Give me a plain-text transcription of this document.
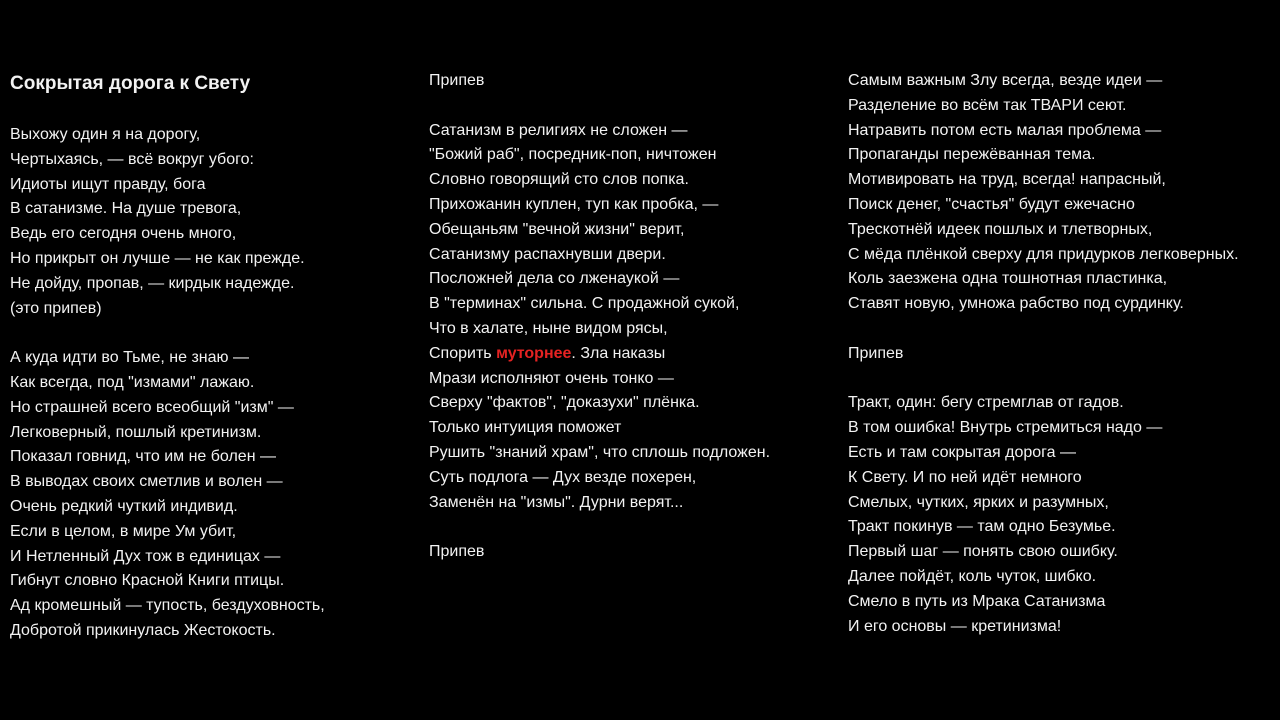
Сокрытая дорога к Свету
Выхожу один я на дорогу,
Чертыхаясь, — всё вокруг убого:
Идиоты ищут правду, бога
В сатанизме. На душе тревога,
Ведь его сегодня очень много,
Но прикрыт он лучше — не как прежде.
Не дойду, пропав, — кирдык надежде.
(это припев)

А куда идти во Тьме, не знаю —
Как всегда, под "измами" лажаю.
Но страшней всего всеобщий "изм" —
Легковерный, пошлый кретинизм.
Показал говнид, что им не болен —
В выводах своих сметлив и волен —
Очень редкий чуткий индивид.
Если в целом, в мире Ум убит,
И Нетленный Дух тож в единицах —
Гибнут словно Красной Книги птицы.
Ад кромешный — тупость, бездуховность,
Добротой прикинулась Жестокость.
Припев

Сатанизм в религиях не сложен —
"Божий раб", посредник-поп, ничтожен
Словно говорящий сто слов попка.
Прихожанин куплен, туп как пробка, —
Обещаньям "вечной жизни" верит,
Сатанизму распахнувши двери.
Посложней дела со лженаукой —
В "терминах" сильна. С продажной сукой,
Что в халате, ныне видом рясы,
Спорить муторнее. Зла наказы
Мрази исполняют очень тонко —
Сверху "фактов", "доказухи" плёнка.
Только интуиция поможет
Рушить "знаний храм", что сплошь подложен.
Суть подлога — Дух везде похерен,
Заменён на "измы". Дурни верят...

Припев
Самым важным Злу всегда, везде идеи —
Разделение во всём так ТВАРИ сеют.
Натравить потом есть малая проблема —
Пропаганды пережёванная тема.
Мотивировать на труд, всегда! напрасный,
Поиск денег, "счастья" будут ежечасно
Трескотнёй идеек пошлых и тлетворных,
С мёда плёнкой сверху для придурков легковерных.
Коль заезжена одна тошнотная пластинка,
Ставят новую, умножа рабство под сурдинку.

Припев

Тракт, один: бегу стремглав от гадов.
В том ошибка! Внутрь стремиться надо —
Есть и там сокрытая дорога —
К Свету. И по ней идёт немного
Смелых, чутких, ярких и разумных,
Тракт покинув — там одно Безумье.
Первый шаг — понять свою ошибку.
Далее пойдёт, коль чуток, шибко.
Смело в путь из Мрака Сатанизма
И его основы — кретинизма!
